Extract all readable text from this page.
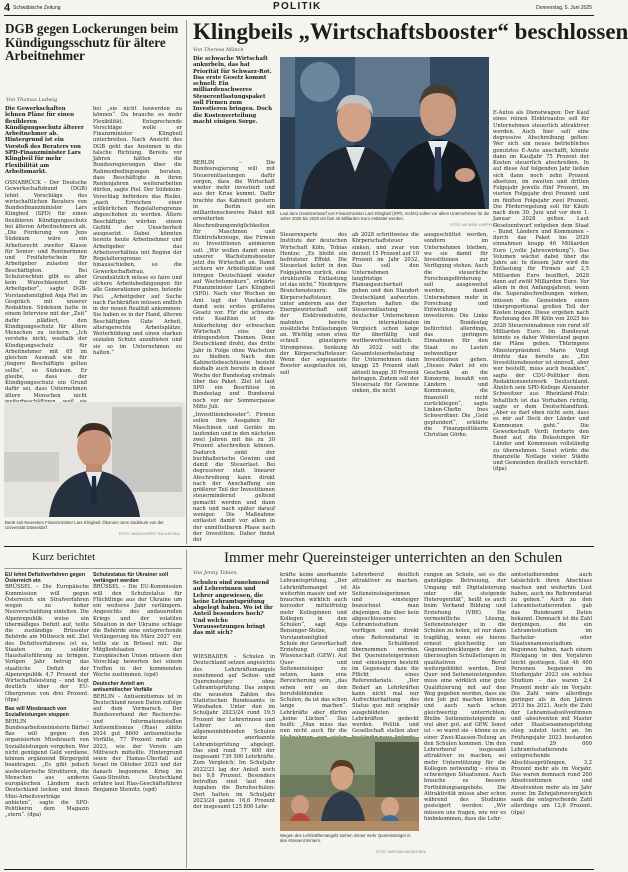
4 Schwäbische Zeitung	POLITIK	Donnerstag, 5. Juni 2025
DGB gegen Lockerungen beim Kündigungsschutz für ältere Arbeitnehmer
Von Thomas Ludwig
Die Gewerkschaften lehnen Pläne für einen flexibleren Kündigungsschutz älterer Arbeitnehmer ab. Hintergrund ist ein Vorstoß des Beraters von SPD-Finanzminister Lars Klingbeil für mehr Flexibilität am Arbeitsmarkt.
OSNABRÜCK – Der Deutsche Gewerkschaftsbund (DGB) lehnt Vorschläge des wirtschaftlichen Beraters von Bundesfinanzminister Lars Klingbeil (SPD) für einen flexibleren Kündigungsschutz bei älteren Arbeitnehmern ab. „Die Forderung von Jens Südekum wäre ein Arbeitsrecht zweiter Klasse für Senior- und Rentnerinnen und Freifahrtschein für Arbeitgeber zulasten der Beschäftigten. Bei Schutzrechten gibt es aber kein Wunschkonzert für Arbeitgeber“, sagte DGB-Vorstandsmitglied Anja Piel im Gespräch mit unserer Redaktion. Südekum hatte in einem Interview mit der „Zeit“ dafür plädiert, den Kündigungsschutz für ältere Menschen zu lockern. „Ich verstehe nicht, weshalb der Kündigungsschutz für Arbeitnehmer mit 65 im gleichen Ausmaß wie für jüngere Beschäftigte gelten sollte“, so Südekum. Er glaube, dass der Kündigungsschutz ein Grund dafür sei, dass Unternehmen ältere Menschen nicht
bei „sie nicht loswerden zu können“. Da brauche es mehr Flexibilität. Entsprechende Vorschläge wolle er Finanzminister Klingbeil unterbreiten. Nach Ansicht des DGB geht das Ansinnen in die falsche Richtung. Bereits vor Jahren hätten die Bundesregierungen über die Rahmenbedingungen beraten, dass Beschäftigte in ihren Rentenjahren weiterarbeiten dürfen, sagte Piel. Der Südekum-Vorschlag befördere das Risiko, „nach Erreichen einer willkürlichen Regelaltersgrenze abgeschoben zu werden. Ältere Beschäftigte würden einem Gefühl der Unsicherheit ausgesetzt. Dabei könnten bereits heute Arbeitnehmer und Arbeitgeber das Arbeitsverhältnis mit Beginn der Regelaltersgrenze hinausschieben, so die Gewerkschaftsfrau. Grundsätzlich müsse es faire und sichere Arbeitsbedingungen für alle Generationen geben, betonte Piel. „Arbeitgeber auf Suche nach Fachkräften müssen endlich in der neuen Realität ankommen: Sie haben es in der Hand, älteren Beschäftigten Gute Arbeit, altersgerechte Arbeitsplätze, Weiterbildung und einen starken sozialen Schutz anzubieten und sie so im Unternehmen zu halten.“
Berät seit Neuestem Finanzminister Lars Klingbeil: Ökonom Jens Südekum von der Universität Düsseldorf.
FOTO: IMAGO/HORST GALUSCHKA
Klingbeils „Wirtschaftsbooster“ beschlossen
Von Theresa Münch
Die schwache Wirtschaft ankurbeln, das hat Priorität für Schwarz-Rot. Das erste Gesetz kommt schnell: Ein milliardenschweres Steuerentlastungspaket soll Firmen zum Investieren bringen. Doch die Kostenverteilung macht einigen Sorge.
Laut dem Gesetzentwurf von Finanzminister Lars Klingbeil (SPD, rechts) sollen vor allem Unternehmen für die Jahre 2025 bis 2029 um fast 46 Milliarden Euro entlastet werden.
FOTO: MICHAEL KAPPELER
BERLIN – Die Bundesregierung will mit Steuerentlastungen dafür sorgen, dass die Wirtschaft wieder mehr investiert und aus der Krise kommt. Dafür brachte das Kabinett gestern in Berlin ein milliardenschweres Paket mit erweiterten Abschreibungsmöglichkeiten für Maschinen und Elektrofahrzeuge, das Firmen zu Investitionen animieren soll. „Wir wollen damit einen unserer Wachstumsbooster jetzt die Wirtschaft an. Damit sichern wir Arbeitsplätze und bringen Deutschland wieder auf Wachstumskurs“, erklärte Finanzminister Lars Klingbeil (SPD). Nach vier Wochen im Amt legt der Vizekanzler damit sein erstes größeres Gesetz vor. Für die schwarz-rote Koalition ist die Ankurbelung der schwachen Wirtschaft eins der drängendsten Themen. Denn Deutschland droht, das dritte Jahr in Folge ohne Wachstum zu bleiben. Nach den Kabinettsbeschlüssen bezieht deshalb auch bereits in dieser Woche der Bundestag erstmals über das Paket. Ziel ist laut SPD ein Beschluss in Bundestag und Bundesrat noch vor der Sommerpause Mitte Juli.
E-Autos als Dienstwagen: Der Kauf eines reinen Elektroautos soll für Unternehmen steuerlich attraktiver werden. Auch hier soll eine degressive Abschreibung gelten: Wer sich ein neues betriebliches genutztes E-Auto anschafft, könnte dann im Kaufjahr 75 Prozent der Kosten steuerlich abschreiben. In auf diese Auf folgenden Jahr ließen sich dann noch zehn Prozent absetzen, im zweiten und dritten Folgejahr jeweils fünf Prozent, im vierten Folgejahr drei Prozent und im fünften Folgejahr zwei Prozent. Die Förderregelung soll für Käufe nach dem 30. Juni und vor dem 1. Januar 2028 gelten. Laut Gesetzentwurf entgehen dem Staat – Bund, Ländern und Kommunen – durch das Paket bis 2029 einnahmen knapp 46 Milliarden Euro („volle Jahreswirkung“). Das Volumen wächst dabei über die Jahre an: In diesem Jahr wird die Entlastung für Firmen auf 2,5 Milliarden Euro beziffert, 2028 dann auf zwölf Milliarden Euro. Vor allem in den Anfangsjahren, wenn die Superabschreibungen wirken, müssen die Gemeinden einen überproportional großen Teil der Kosten tragen. Diese ergeben nach Rechnung des IW Köln von 2025 bis 2028 Steuereinnahmen von rund elf Milliarden Euro. Im Bundesrat könnte es daher Widerstand gegen die Pläne geben. Thüringens Ministerpräsident Mario Voigt drohte das bereits an: „Ein Investitionsbooster ist sinnvoll, aber wer bestellt, muss auch bezahlen“, sagte der CDU-Politiker dem Redaktionsnetzwerk Deutschland. Ähnlich sein SPD-Kollege Alexander Schweitzer aus Rheinland-Pfalz: Inhaltlich ist das Vorhaben richtig, sagte er dem Deutschlandfunk. „Aber es darf eben nicht sein, dass es mir auf Deck der Länder und Kommunen geht.“ Die Gewerkschaft Verdi forderte den Bund auf, die Belastungen für Länder und Kommunen vollständig zu übernehmen. Sonst würde die finanzielle Notlage vieler Städte und Gemeinden deutlich verschärft. (dpa)
„Investitionsbooster“: Firmen sollen ihre Ausgaben für Maschinen und Geräte im laufenden und in den nächsten zwei Jahren mit bis zu 30 Prozent abschreiben können. Dadurch sinkt der buchhalterische Gewinn und damit die Steuerlast. Bei degressiver statt linearer Abschreibung kann direkt nach der Anschaffung ein größerer Teil der Investitionen steuermindernd geltend gemacht werden und dann nach und nach später darauf weniger. Die Maßnahme entlastet damit vor allem in der unmittelbaren Phase nach der Investition. Daher findet der
Steuerexperte des Instituts der deutschen Wirtschaft Köln, Tobias Hentze: „Es bleibt ein befristeter Effekt. Die Steuerlast kehrt in den Folgejahren zurück, eine strukturelle Entlastung ist das nicht.“ Niedrigere Branchensteuern: Die Körperschaftsteuer, unter anderem aus der Energiewirtschaft und der Elektroindustrie, mahnten bereits zusätzliche Entlastungen an. Wichtig seien etwa schnell günstigere Strompreise. Senkung der Körperschaftsteuer: Wenn der sogenannte Booster ausgelaufen ist, soll
ab 2028 schrittweise die Körperschaftsteuer sinken, und zwar von derzeit 15 Prozent auf 10 Prozent im Jahr 2032. Das soll den Unternehmen langfristige Planungssicherheit geben und den Standort Deutschland aufwerten. Experten halten die Steuerentlastung deutscher Unternehmen im internationalen Vergleich schon lange für überfällig und wettbewerbsschädlich. Ab 2032 soll die Gesamtsteuerbelastung für Unternehmen dann knapp 25 Prozent statt aktuell knapp 30 Prozent betragen. Zudem soll der Steuersatz für Gewinne sinken, die nicht
ausgeschüttet werden, sondern im Unternehmen bleiben, wo sie damit für Investitionen zur Verfügung stehen. Auch die steuerliche Forschungsförderung soll ausgeweitet werden, damit Unternehmen mehr in Forschung und Entwicklung investieren. Die Linke im Bundestag befürchtet allerdings, das geringere Einnahmen für den Staat zu Lasten notwendiger Investitionen gehen. „Dieses Paket ist ein Geschenk an die Konzerne, bezahlt von Ländern und Kommunen, die finanziell nicht zurückliegen“, sagte Linken-Chefin Ines Schwerdtner. Die „Geld geplundert“, erklärte die Finanzpolitikerin Christian Görke.
Kurz berichtet
EU lehnt Defizitverfahren gegen Österreich ein
BRÜSSEL – Die Europäische Kommission will gegen Österreich ein Strafverfahren wegen zu hoher Neuverschuldung einleiten. Die Alpenrepublik weise ein übermäßiges Defizit auf, teilte die zuständige Brüsseler Behörde am Mittwoch mit. Ziel des Defizitverfahrens ist es, Staaten zu solider Haushaltsführung zu bringen. Vorigen Jahr betrug das staatliche Defizit der Alpenrepublik 4,7 Prozent der Wirtschaftsleistung – und liegt deutlich über der EU-Obergrenze von drei Prozent. (dpa)
Bas will Missbrauch von Sozialleistungen stoppen
BERLIN – Bundesarbeitsministerin Bärbel Bas will gegen den organisierten Missbrauch von Sozialleistungen vorgehen. Wer nicht genügend Geld verdiene, können ergänzend Bürgergeld beantragen. „Es gibt jedoch ausbeuterische Strukturen, die Menschen aus anderen europäischen Ländern nach Deutschland locken und ihnen Mini-Arbeitsverträge anbieten“, sagte die SPD-Politikerin dem Magazin „stern“. (dpa)
Schutzstatus für Ukrainer soll verlängert werden
BRÜSSEL – Die EU-Kommission will den Schutzstatus für Flüchtlinge aus der Ukraine um ein weiteres Jahr verlängern. Angesichts des andauernden Kriegs und der volatilen Situation in der Ukraine schlage die Behörde eine entsprechende Verlängerung bis März 2027 vor, teilte sie in Brüssel mit. Die Mitgliedstaaten der Europäischen Union müssen den Vorschlag bewerten bei einem Treffen in der kommenden Woche zustimmen. (epd)
Deutscher Anteil am antisemitischer Vorfälle
BERLIN – Antisemitismus ist in Deutschland neuen Daten zufolge auf dem Vormarsch. Der Bundesverband der Recherche- und Informationsstellen Antisemitismus (Rias) zählte 2024 gut 8600 antisemitische Vorfälle, 77 Prozent mehr als 2023, wie der Verein am Mittwoch mitteilte. Hintergrund seien der Hamas-Überfall auf Israel im Oktober 2023 und der danach begonnene Krieg im Gaza-Streifen. Deutschland erfahre laut Rias-Geschäftsführer Benjamin Steinitz. (epd)
Immer mehr Quereinsteiger unterrichten an den Schulen
Von Jenny Tobien
Schulen sind zunehmend auf Lehrerinnen und Lehrer angewiesen, die keine Lehramtsprüfung abgelegt haben. Wo ist ihr Anteil besonders hoch? Und welche Voraussetzungen bringt das mit sich?
WIESBADEN – Schulen in Deutschland setzen angesichts des Lehrkräftemangels zunehmend auf Seiten- und Quereinsteiger ohne Lehramtsprüfung. Das zeigen die neuesten Zahlen des Statistischen Bundesamts in Wiesbaden. Unter den im Schuljahr 2023/24 rund 19,5 Prozent der Lehrerinnen und Lehrer an den allgemeinbildenden Schulen keine anerkannte Lehramtsprüfung abgelegt. Das sind rund 77 600 der insgesamt 739 500 Lehrkräfte. Zum Vergleich: Im Schuljahr 2022/23 lag der Anteil noch bei 9,8 Prozent. Besonders betroffen sind laut den Angaben die Berufsschulen: Dort hatten im Schuljahr 2023/24 ganze 16,6 Prozent der insgesamt 125 800 Lehr-
kräfte keine anerkannte Lehramtsprüfung. „Der Lehrkräftemangel ist weiterhin massiv und wir brauchen wirklich auch kurzoder mittelfristig mehr Kolleginnen und Kollegen in den Schulen“, sagt Anja Bensinger-Stolze, Vorstandsmitglied Schule der Gewerkschaft Erziehung und Wissenschaft (GEW). Auf Quer- und Seiteneinsteiger zu setzen, kann eine Bereicherung sein, „das sehen wir an den berufsbildenden Schulen, da ist das schon lange machen“. Lehrkräfte aber dürfen „keine Lücken“. Das heißt: „Man muss das nun nicht auch für die
Lehrerberuf deutlich attraktiver zu machen. Als Seiteneinsteigerinnen und -einsteiger bezeichnet man diejenigen, die über kein abgeschlossenes Lehramtsstudium verfügen und direkt ohne Referendariat in den Schuldienst übernommen werden. Bei Quereinsteigerinnen und -einsteigern besteht im Gegensatz dazu die Pflicht eines Referendariats. „Der Bedarf an Lehrkräften kann nicht mal nur Aufrechterhaltung des Status quo mit originär ausgebildeten Lehrkräften gedeckt werden. Politik und Gesellschaft stellen aber
rungen an Schule, sei es die ganztägige Betreuung, der Umgang mit Digitalisierung oder die steigende Heterogenität“, heißt es auch beim Verband Bildung und Erziehung (VBE). Die vermeintliche Lösung, Seiteneinsteiger in die Schulen zu holen, ist nur dann tragfähig, wenn sie hierzu erneut gleichzeitig um Gegenentwicklungen der zu überzeugten Schulleitungen in qualitativen Beruf weitergebildet werden. Den Quer- und Seiteneinsteigenden muss eine wirklich eine gute Qualifizierung mit auf den Weg gegeben werden, dass sie den Job gut machen können und auch nach schon gleichwertig unterrichten. Bleibe Seiteneinsteigende so viel aber gut, auf GEW. Sonst ist – so warnt sie – könne es zu einer Zwei-Klassen-Teilung an den Schulen kommen. Um den Lehrerberuf insgesamt attraktiver zu machen, sei mehr Unterstützung für die Kollegen notwendig – etwa in schwierigen Situationen. Auch brauche es bessere Fortbildungsangebote. Die Attraktivität müsse aber schon während des Studiums gesteigert werden: „Wir müssen uns fragen, wie wir es hinbekommen, dass die Lehr-
amtsstudierenden auch tatsächlich ihren Abschluss machen und weiterhin Lust haben, auch ins Referendariat zu gehen.“ Auch zu den Lehramtsstudierenden gab das Bundesamt Daten bekannt. Demnach ist die Zahl derjenigen, die ein Lehramtsstudium im Bachelor- oder Staatsexamensstudium begonnen haben, nach einem Rückgang in den Vorjahren leicht gestiegen. Gut 46 400 Personen begannen im Studienjahr 2023 ein solches Studium – das waren 2,4 Prozent mehr als im Vorjahr. Die Zahl wäre allerdings geringer als in den Jahren 2013 bis 2021. Auch die Zahl der Lehramtsabsolventinnen und -absolventen mit Master oder Staatsexamensprüfung stieg zuletzt leicht an. Im Prüfungsjahr 2023 bestanden rund 29 000 Lehramtsstudierende entsprechende Abschlussprüfungen, 3,2 Prozent mehr als im Vorjahr. Das waren demnach rund 200 Absolventinnen und Absolventen mehr als im Jahr zuvor. Im Zehnjahresvergleich sank die entsprechende Zahl allerdings um 12,6 Prozent. (dpa)
Wegen des Lehrkräftemangels stehen immer mehr Quereinsteiger in den Klassenzimmern.
FOTO: MARIJAN MURAT/DPA
